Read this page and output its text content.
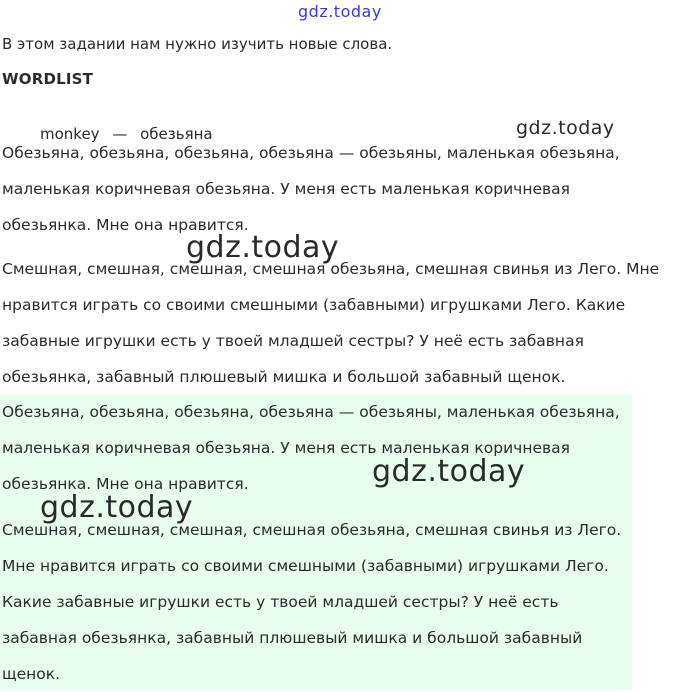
gdz.today
В этом задании нам нужно изучить новые слова.
WORDLIST
monkey — обезьяна

Обезьяна, обезьяна, обезьяна, обезьяна — обезьяны, маленькая обезьяна, маленькая коричневая обезьяна. У меня есть маленькая коричневая обезьянка. Мне она нравится.

Смешная, смешная, смешная, смешная обезьяна, смешная свинья из Лего. Мне нравится играть со своими смешными (забавными) игрушками Лего. Какие забавные игрушки есть у твоей младшей сестры? У неё есть забавная обезьянка, забавный плюшевый мишка и большой забавный щенок.

Обезьяна, обезьяна, обезьяна, обезьяна — обезьяны, маленькая обезьяна, маленькая коричневая обезьяна. У меня есть маленькая коричневая обезьянка. Мне она нравится.

Смешная, смешная, смешная, смешная обезьяна, смешная свинья из Лего. Мне нравится играть со своими смешными (забавными) игрушками Лего. Какие забавные игрушки есть у твоей младшей сестры? У неё есть забавная обезьянка, забавный плюшевый мишка и большой забавный щенок.

gdz.today
gdz.today
gdz.today
gdz.today
